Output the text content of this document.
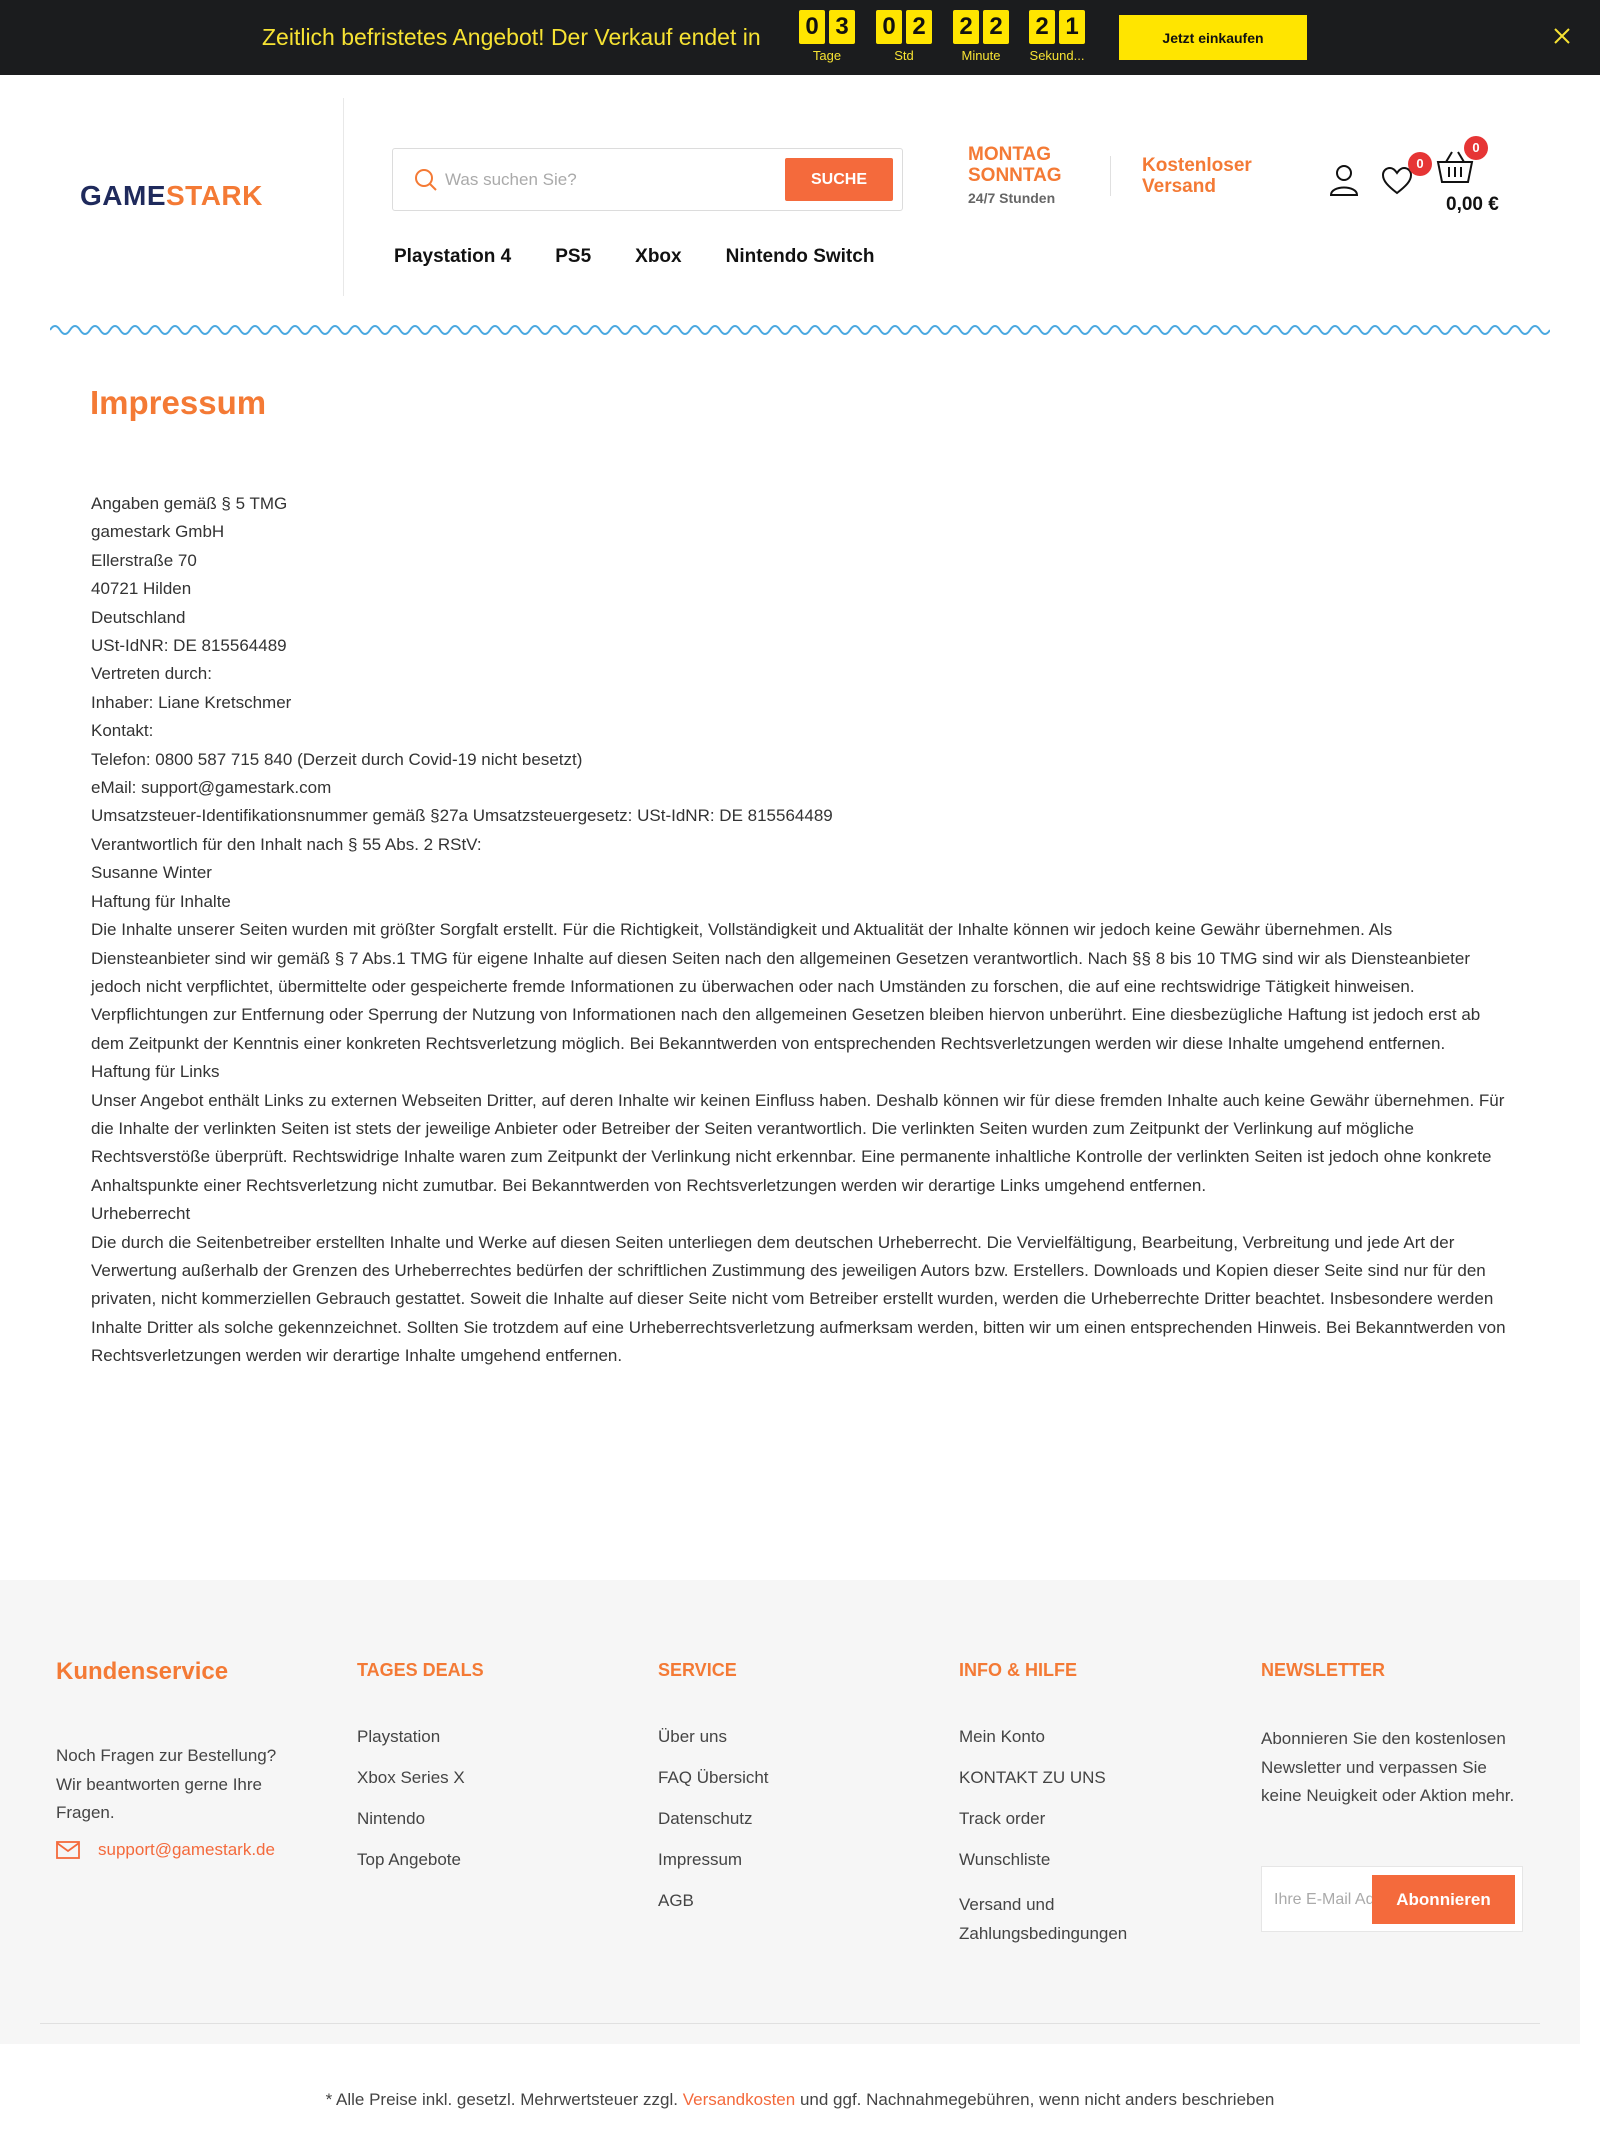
Zeitlich befristetes Angebot! Der Verkauf endet in 0 3
Tage
0 2
Std
2 2
Minute
2 1
Sekund...
Jetzt einkaufen
GAMESTARK
Was suchen Sie?
SUCHE
MONTAG
SONNTAG
24/7 Stunden
Kostenloser
Versand
0
0
0,00 €
Playstation 4 PS5 Xbox Nintendo Switch
Impressum

Angaben gemäß § 5 TMG

gamestark GmbH

Ellerstraße 70

40721 Hilden

Deutschland

USt-IdNR: DE 815564489

Vertreten durch:

Inhaber: Liane Kretschmer

Kontakt:

Telefon: 0800 587 715 840 (Derzeit durch Covid-19 nicht besetzt)

eMail: support@gamestark.com

Umsatzsteuer-Identifikationsnummer gemäß §27a Umsatzsteuergesetz: USt-IdNR: DE 815564489

Verantwortlich für den Inhalt nach § 55 Abs. 2 RStV:

Susanne Winter

Haftung für Inhalte

Die Inhalte unserer Seiten wurden mit größter Sorgfalt erstellt. Für die Richtigkeit, Vollständigkeit und Aktualität der Inhalte können wir jedoch keine Gewähr übernehmen. Als Diensteanbieter sind wir gemäß § 7 Abs.1 TMG für eigene Inhalte auf diesen Seiten nach den allgemeinen Gesetzen verantwortlich. Nach §§ 8 bis 10 TMG sind wir als Diensteanbieter jedoch nicht verpflichtet, übermittelte oder gespeicherte fremde Informationen zu überwachen oder nach Umständen zu forschen, die auf eine rechtswidrige Tätigkeit hinweisen. Verpflichtungen zur Entfernung oder Sperrung der Nutzung von Informationen nach den allgemeinen Gesetzen bleiben hiervon unberührt. Eine diesbezügliche Haftung ist jedoch erst ab dem Zeitpunkt der Kenntnis einer konkreten Rechtsverletzung möglich. Bei Bekanntwerden von entsprechenden Rechtsverletzungen werden wir diese Inhalte umgehend entfernen.

Haftung für Links

Unser Angebot enthält Links zu externen Webseiten Dritter, auf deren Inhalte wir keinen Einfluss haben. Deshalb können wir für diese fremden Inhalte auch keine Gewähr übernehmen. Für die Inhalte der verlinkten Seiten ist stets der jeweilige Anbieter oder Betreiber der Seiten verantwortlich. Die verlinkten Seiten wurden zum Zeitpunkt der Verlinkung auf mögliche Rechtsverstöße überprüft. Rechtswidrige Inhalte waren zum Zeitpunkt der Verlinkung nicht erkennbar. Eine permanente inhaltliche Kontrolle der verlinkten Seiten ist jedoch ohne konkrete Anhaltspunkte einer Rechtsverletzung nicht zumutbar. Bei Bekanntwerden von Rechtsverletzungen werden wir derartige Links umgehend entfernen.

Urheberrecht

Die durch die Seitenbetreiber erstellten Inhalte und Werke auf diesen Seiten unterliegen dem deutschen Urheberrecht. Die Vervielfältigung, Bearbeitung, Verbreitung und jede Art der Verwertung außerhalb der Grenzen des Urheberrechtes bedürfen der schriftlichen Zustimmung des jeweiligen Autors bzw. Erstellers. Downloads und Kopien dieser Seite sind nur für den privaten, nicht kommerziellen Gebrauch gestattet. Soweit die Inhalte auf dieser Seite nicht vom Betreiber erstellt wurden, werden die Urheberrechte Dritter beachtet. Insbesondere werden Inhalte Dritter als solche gekennzeichnet. Sollten Sie trotzdem auf eine Urheberrechtsverletzung aufmerksam werden, bitten wir um einen entsprechenden Hinweis. Bei Bekanntwerden von Rechtsverletzungen werden wir derartige Inhalte umgehend entfernen.

Kundenservice
Noch Fragen zur Bestellung? Wir beantworten gerne Ihre Fragen.
support@gamestark.de
TAGES DEALS
Playstation
Xbox Series X
Nintendo
Top Angebote
SERVICE
Über uns
FAQ Übersicht
Datenschutz
Impressum
AGB
INFO & HILFE
Mein Konto
KONTAKT ZU UNS
Track order
Wunschliste
Versand und Zahlungsbedingungen
NEWSLETTER
Abonnieren Sie den kostenlosen Newsletter und verpassen Sie keine Neuigkeit oder Aktion mehr.
Ihre E-Mail Adresse
Abonnieren
* Alle Preise inkl. gesetzl. Mehrwertsteuer zzgl. Versandkosten und ggf. Nachnahmegebühren, wenn nicht anders beschrieben
